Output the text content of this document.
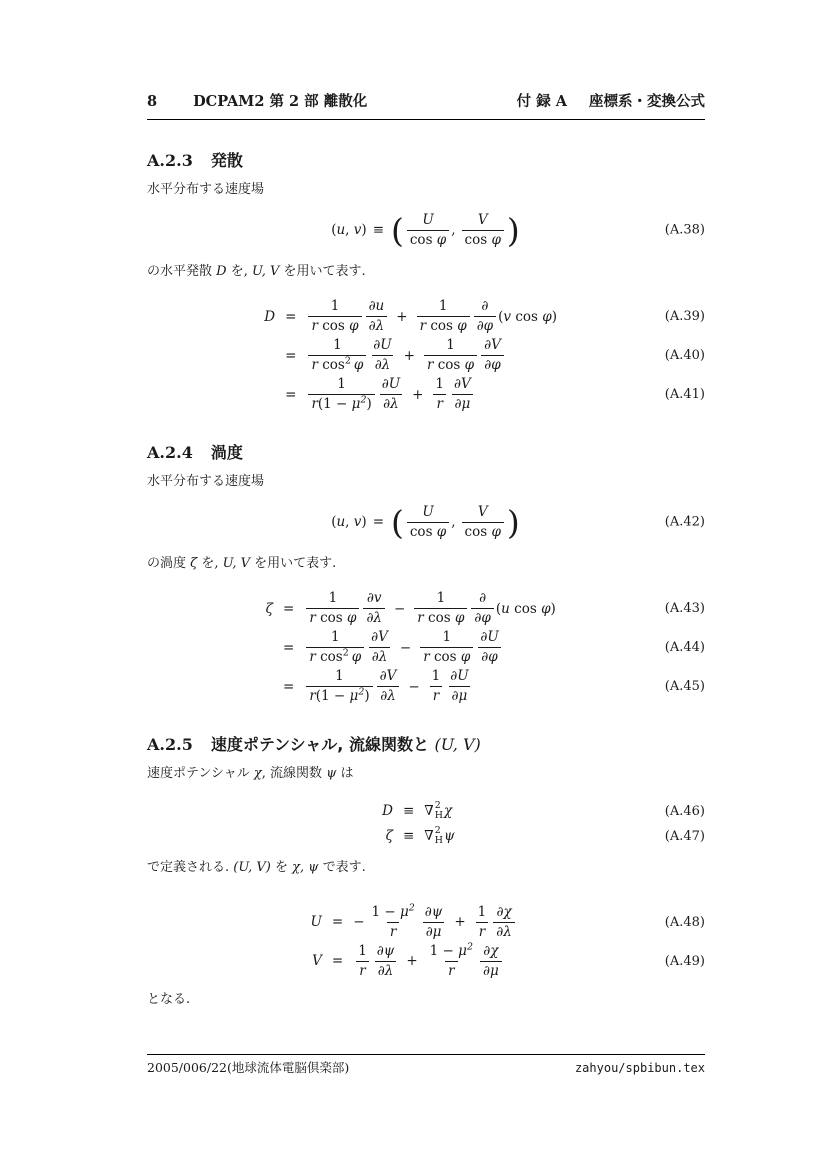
8 DCPAM2 第 2 部 離散化	付 録 A 座標系・変換公式
A.2.3 発散
水平分布する速度場
( u , v ) ≡ ( $\frac{U}{\text{cos φ}}$ , $\frac{V}{\text{cos φ}}$ )	(A.38)
の水平発散 D を, U, V を用いて表す.
$D = \frac{1}{\text{r cos φ}} \frac{\partial u}{\partial\lambda} + \frac{1}{\text{r cos φ}} \frac{\partial}{\partial\varphi}$ ( v cos φ )	(A.39)
= $\frac{1}{r \cos^2 \varphi} \frac{\partial U}{\partial\lambda} + \frac{1}{\text{r cos φ}} \frac{\partial V}{\partial\varphi}$	(A.40)
= $\frac{1}{r(1 - \mu^2)} \frac{\partial U}{\partial\lambda} + \frac{1}{r} \frac{\partial V}{\partial\mu}$	(A.41)
A.2.4 渦度
水平分布する速度場
( u , v ) = ( $\frac{U}{\text{cos φ}}$ , $\frac{V}{\text{cos φ}}$ )	(A.42)
の渦度 ζ を, U, V を用いて表す.
$\zeta = \frac{1}{\text{r cos φ}} \frac{\partial v}{\partial\lambda} - \frac{1}{\text{r cos φ}} \frac{\partial}{\partial\varphi}$ ( u cos φ )	(A.43)
= $\frac{1}{r \cos^2 \varphi} \frac{\partial V}{\partial\lambda} - \frac{1}{\text{r cos φ}} \frac{\partial U}{\partial\varphi}$	(A.44)
= $\frac{1}{r(1 - \mu^2)} \frac{\partial V}{\partial\lambda} - \frac{1}{r} \frac{\partial U}{\partial\mu}$	(A.45)
A.2.5 速度ポテンシャル, 流線関数と (U, V)
速度ポテンシャル χ, 流線関数 ψ は
D ≡ ∇ 2
H χ	(A.46)
ζ ≡ ∇ 2
H ψ	(A.47)
で定義される. (U, V) を χ, ψ で表す.
U = − $\frac{1 - \mu^2}{r} \frac{\partial\psi}{\partial\mu} + \frac{1}{r} \frac{\partial\chi}{\partial\lambda}$	(A.48)
$V = \frac{1}{r} \frac{\partial\psi}{\partial\lambda} + \frac{1 - \mu^2}{r} \frac{\partial\chi}{\partial\mu}$	(A.49)
となる.
2005/006/22(地球流体電脳倶楽部)	zahyou/spbibun.tex
